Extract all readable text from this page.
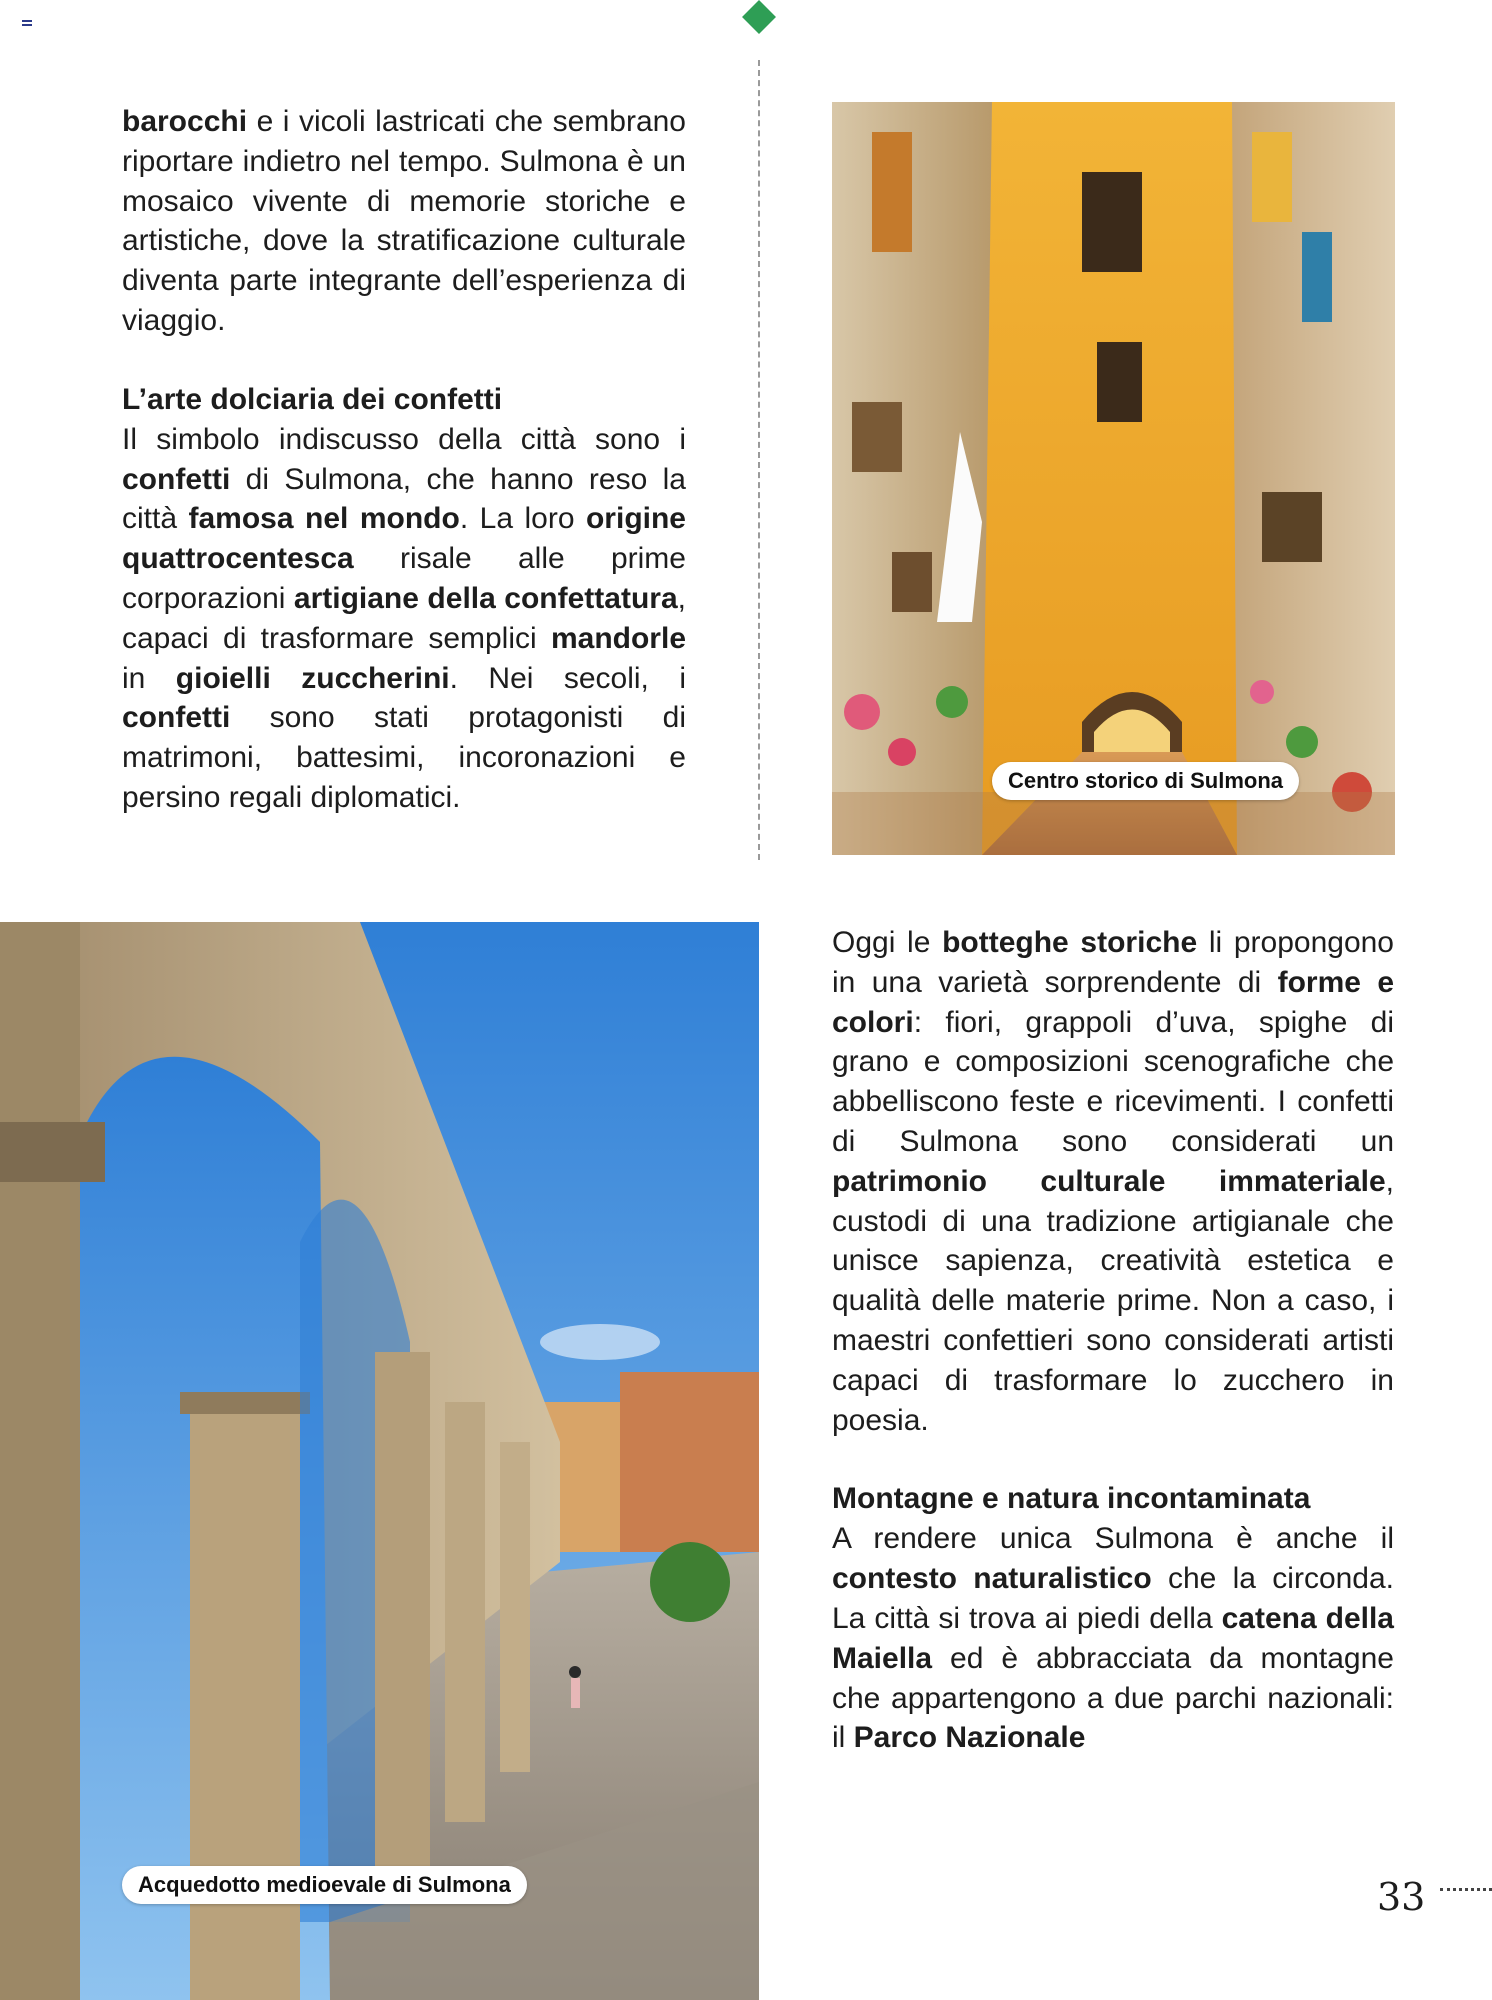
barocchi e i vicoli lastricati che sembrano riportare indietro nel tempo. Sulmona è un mosaico vivente di memorie storiche e artistiche, dove la stratificazione culturale diventa parte integrante dell’esperienza di viaggio.

L’arte dolciaria dei confetti

Il simbolo indiscusso della città sono i confetti di Sulmona, che hanno reso la città famosa nel mondo. La loro origine quattrocentesca risale alle prime corporazioni artigiane della confettatura, capaci di trasformare semplici mandorle in gioielli zuccherini. Nei secoli, i confetti sono stati protagonisti di matrimoni, battesimi, incoronazioni e persino regali diplomatici.

Centro storico di Sulmona
Acquedotto medioevale di Sulmona

Oggi le botteghe storiche li propongono in una varietà sorprendente di forme e colori: fiori, grappoli d’uva, spighe di grano e composizioni scenografiche che abbelliscono feste e ricevimenti. I confetti di Sulmona sono considerati un patrimonio culturale immateriale, custodi di una tradizione artigianale che unisce sapienza, creatività estetica e qualità delle materie prime. Non a caso, i maestri confettieri sono considerati artisti capaci di trasformare lo zucchero in poesia.

Montagne e natura incontaminata

A rendere unica Sulmona è anche il contesto naturalistico che la circonda. La città si trova ai piedi della catena della Maiella ed è abbracciata da montagne che appartengono a due parchi nazionali: il Parco Nazionale

33
